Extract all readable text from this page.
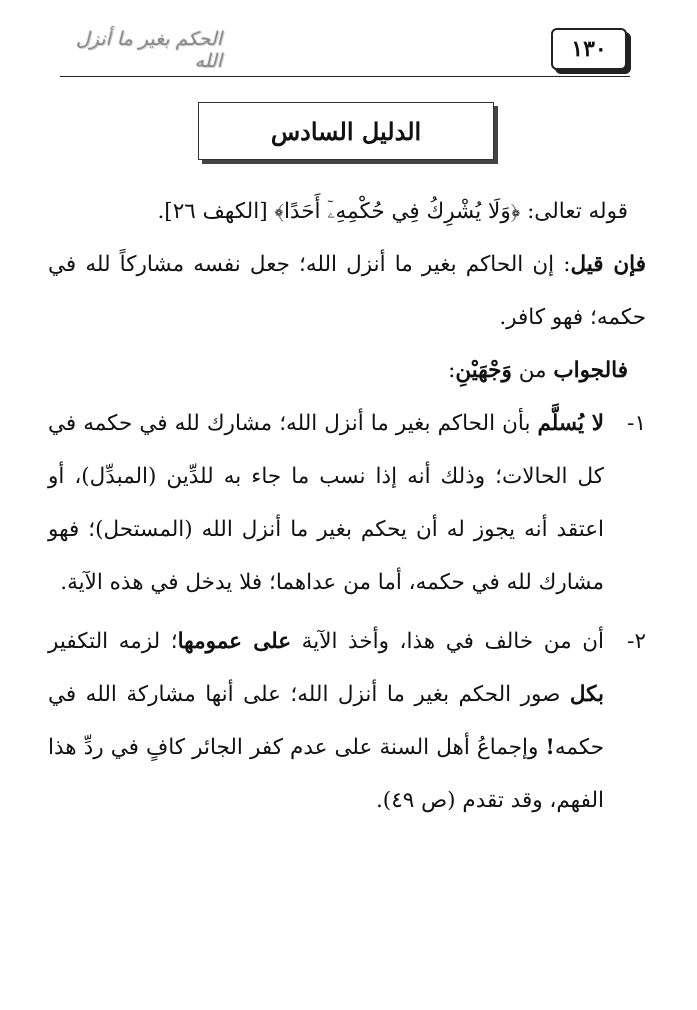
١٣٠
الحكم بغير ما أنزل الله
الدليل السادس

قوله تعالى: ﴿وَلَا يُشْرِكُ فِي حُكْمِهِۦٓ أَحَدًا﴾ [الكهف ٢٦].

فإن قيل: إن الحاكم بغير ما أنزل الله؛ جعل نفسه مشاركاً لله في حكمه؛ فهو كافر.

فالجواب من وَجْهَيْنِ:

١-

لا يُسلَّم بأن الحاكم بغير ما أنزل الله؛ مشارك لله في حكمه في كل الحالات؛ وذلك أنه إذا نسب ما جاء به للدِّين (المبدِّل)، أو اعتقد أنه يجوز له أن يحكم بغير ما أنزل الله (المستحل)؛ فهو مشارك لله في حكمه، أما من عداهما؛ فلا يدخل في هذه الآية.

٢-

أن من خالف في هذا، وأخذ الآية على عمومها؛ لزمه التكفير بكل صور الحكم بغير ما أنزل الله؛ على أنها مشاركة الله في حكمه! وإجماعُ أهل السنة على عدم كفر الجائر كافٍ في ردِّ هذا الفهم، وقد تقدم (ص ٤٩).
